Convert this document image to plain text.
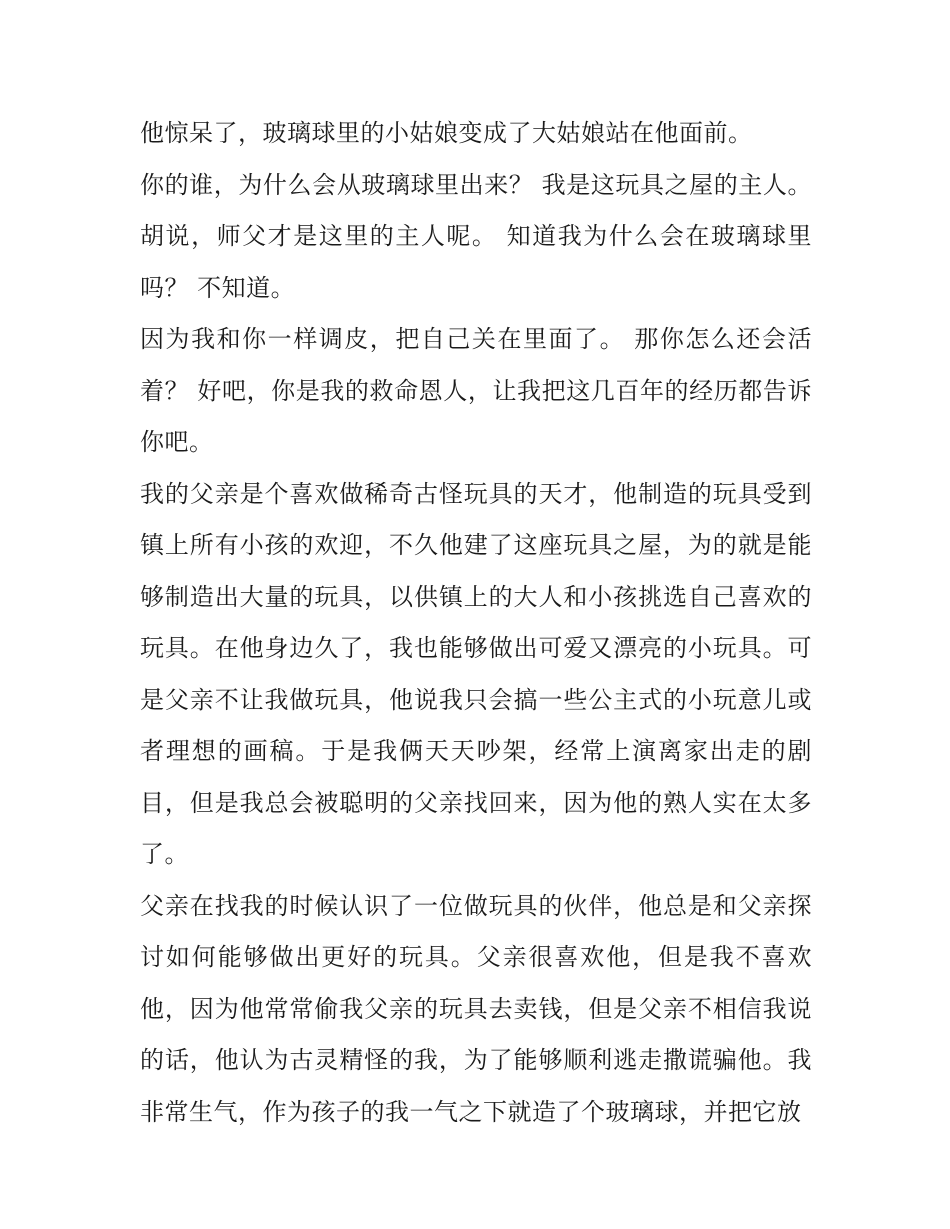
他惊呆了，玻璃球里的小姑娘变成了大姑娘站在他面前。

你的谁，为什么会从玻璃球里出来？ 我是这玩具之屋的主人。 胡说，师父才是这里的主人呢。 知道我为什么会在玻璃球里吗？ 不知道。

因为我和你一样调皮，把自己关在里面了。 那你怎么还会活着？ 好吧，你是我的救命恩人，让我把这几百年的经历都告诉你吧。

我的父亲是个喜欢做稀奇古怪玩具的天才，他制造的玩具受到镇上所有小孩的欢迎，不久他建了这座玩具之屋，为的就是能够制造出大量的玩具，以供镇上的大人和小孩挑选自己喜欢的玩具。在他身边久了，我也能够做出可爱又漂亮的小玩具。可是父亲不让我做玩具，他说我只会搞一些公主式的小玩意儿或者理想的画稿。于是我俩天天吵架，经常上演离家出走的剧目，但是我总会被聪明的父亲找回来，因为他的熟人实在太多了。

父亲在找我的时候认识了一位做玩具的伙伴，他总是和父亲探讨如何能够做出更好的玩具。父亲很喜欢他，但是我不喜欢他，因为他常常偷我父亲的玩具去卖钱，但是父亲不相信我说的话，他认为古灵精怪的我，为了能够顺利逃走撒谎骗他。我非常生气，作为孩子的我一气之下就造了个玻璃球，并把它放
